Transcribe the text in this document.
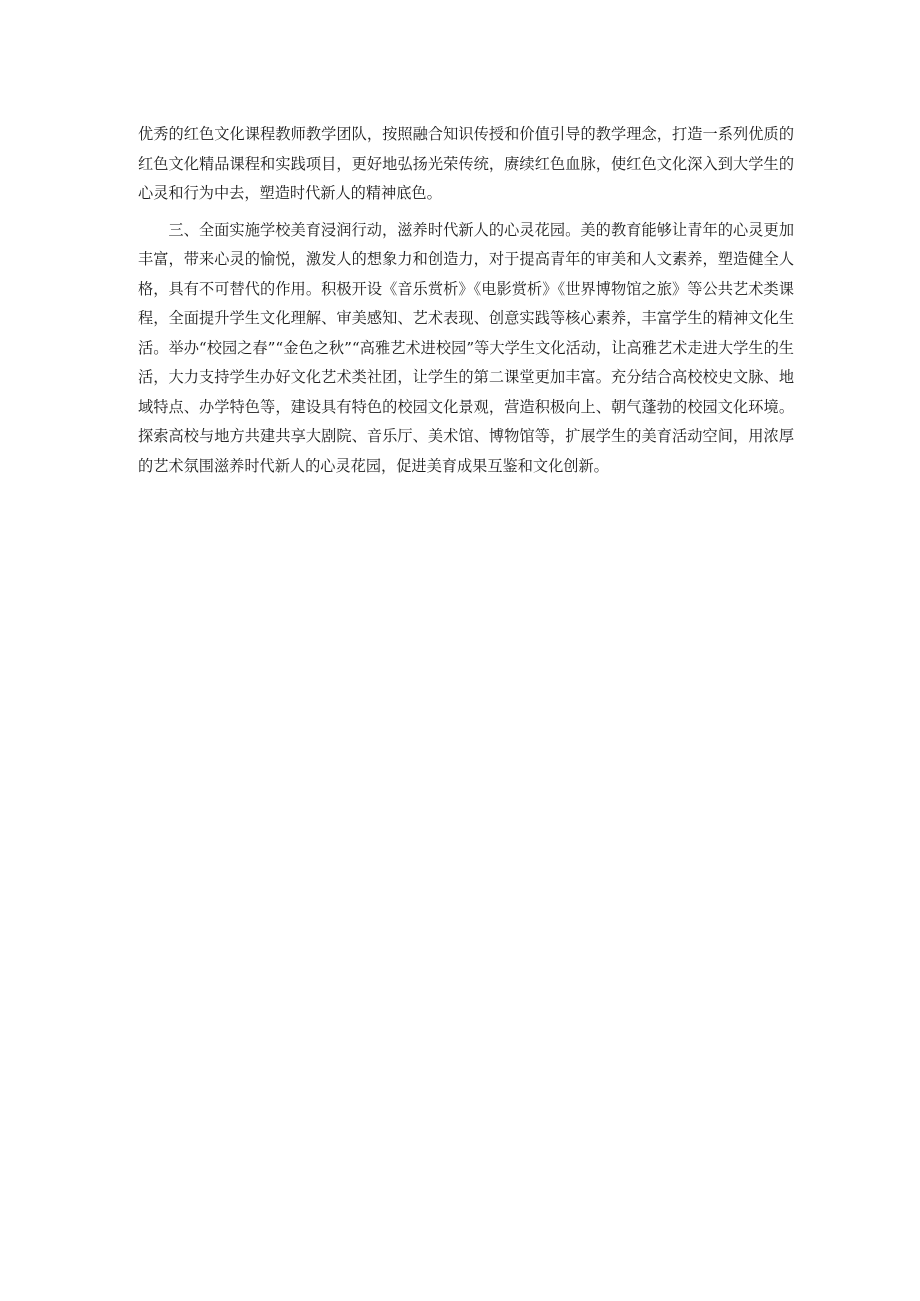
优秀的红色文化课程教师教学团队，按照融合知识传授和价值引导的教学理念，打造一系列优质的红色文化精品课程和实践项目，更好地弘扬光荣传统，赓续红色血脉，使红色文化深入到大学生的心灵和行为中去，塑造时代新人的精神底色。

三、全面实施学校美育浸润行动，滋养时代新人的心灵花园。美的教育能够让青年的心灵更加丰富，带来心灵的愉悦，激发人的想象力和创造力，对于提高青年的审美和人文素养，塑造健全人格，具有不可替代的作用。积极开设《音乐赏析》《电影赏析》《世界博物馆之旅》等公共艺术类课程，全面提升学生文化理解、审美感知、艺术表现、创意实践等核心素养，丰富学生的精神文化生活。举办“校园之春”“金色之秋”“高雅艺术进校园”等大学生文化活动，让高雅艺术走进大学生的生活，大力支持学生办好文化艺术类社团，让学生的第二课堂更加丰富。充分结合高校校史文脉、地域特点、办学特色等，建设具有特色的校园文化景观，营造积极向上、朝气蓬勃的校园文化环境。探索高校与地方共建共享大剧院、音乐厅、美术馆、博物馆等，扩展学生的美育活动空间，用浓厚的艺术氛围滋养时代新人的心灵花园，促进美育成果互鉴和文化创新。
